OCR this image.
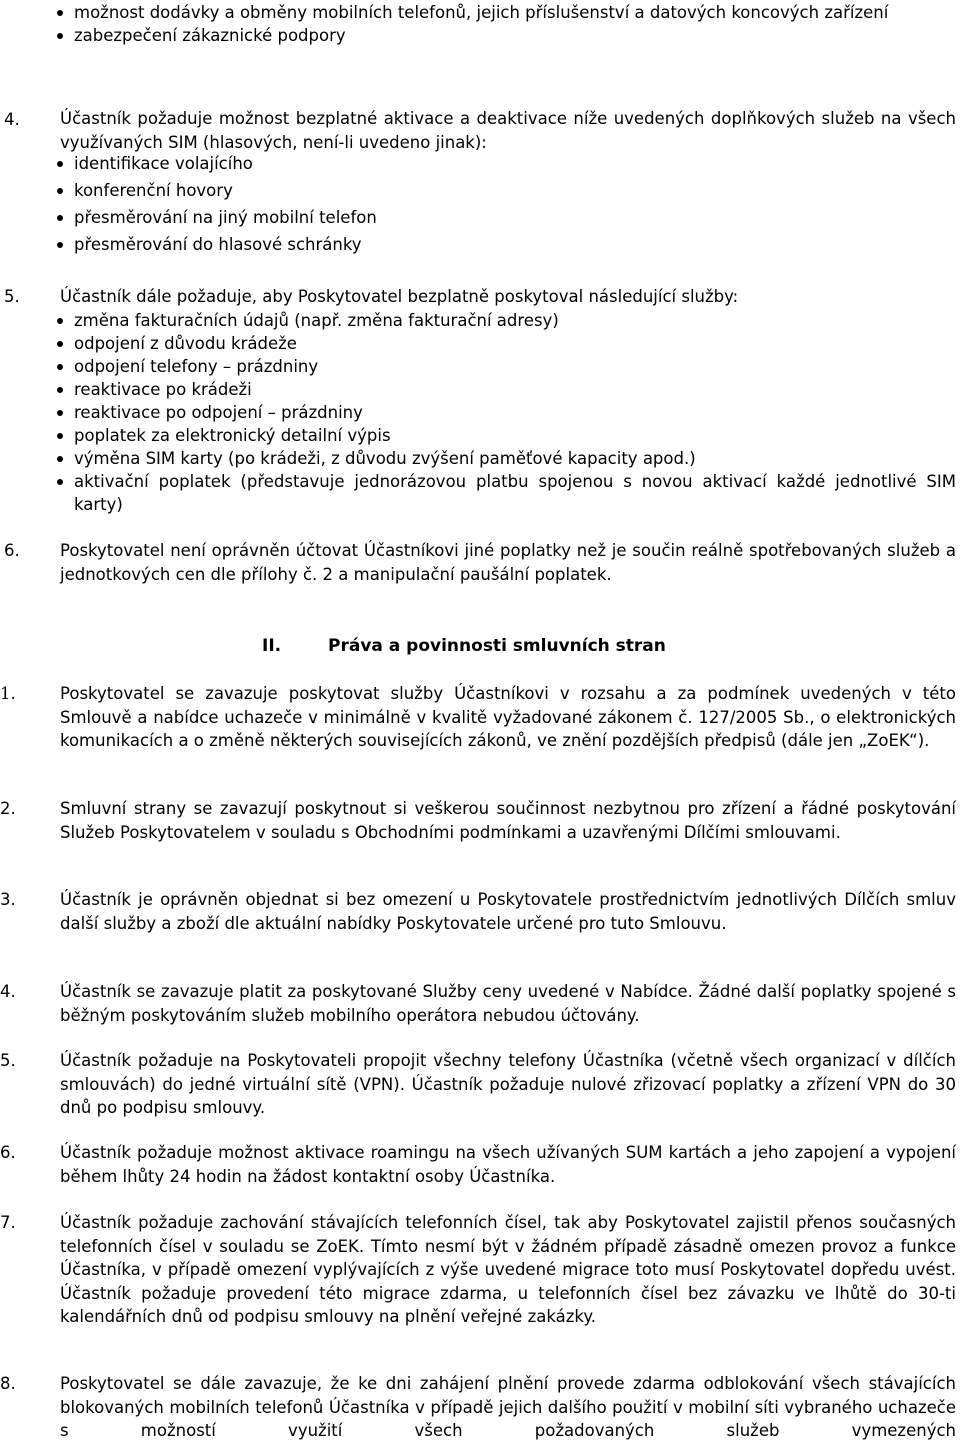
možnost dodávky a obměny mobilních telefonů, jejich příslušenství a datových koncových zařízení
zabezpečení zákaznické podpory
4.	Účastník požaduje možnost bezplatné aktivace a deaktivace níže uvedených doplňkových služeb na všech využívaných SIM (hlasových, není-li uvedeno jinak):
identifikace volajícího
konferenční hovory
přesměrování na jiný mobilní telefon
přesměrování do hlasové schránky
5.	Účastník dále požaduje, aby Poskytovatel bezplatně poskytoval následující služby:
změna fakturačních údajů (např. změna fakturační adresy)
odpojení z důvodu krádeže
odpojení telefony – prázdniny
reaktivace po krádeži
reaktivace po odpojení – prázdniny
poplatek za elektronický detailní výpis
výměna SIM karty (po krádeži, z důvodu zvýšení paměťové kapacity apod.)
aktivační poplatek (představuje jednorázovou platbu spojenou s novou aktivací každé jednotlivé SIM karty)
6.	Poskytovatel není oprávněn účtovat Účastníkovi jiné poplatky než je součin reálně spotřebovaných služeb a jednotkových cen dle přílohy č. 2 a manipulační paušální poplatek.
II.	Práva a povinnosti smluvních stran
1.	Poskytovatel se zavazuje poskytovat služby Účastníkovi v rozsahu a za podmínek uvedených v této Smlouvě a nabídce uchazeče v minimálně v kvalitě vyžadované zákonem č. 127/2005 Sb., o elektronických komunikacích a o změně některých souvisejících zákonů, ve znění pozdějších předpisů (dále jen „ZoEK“).
2.	Smluvní strany se zavazují poskytnout si veškerou součinnost nezbytnou pro zřízení a řádné poskytování Služeb Poskytovatelem v souladu s Obchodními podmínkami a uzavřenými Dílčími smlouvami.
3.	Účastník je oprávněn objednat si bez omezení u Poskytovatele prostřednictvím jednotlivých Dílčích smluv další služby a zboží dle aktuální nabídky Poskytovatele určené pro tuto Smlouvu.
4.	Účastník se zavazuje platit za poskytované Služby ceny uvedené v Nabídce. Žádné další poplatky spojené s běžným poskytováním služeb mobilního operátora nebudou účtovány.
5.	Účastník požaduje na Poskytovateli propojit všechny telefony Účastníka (včetně všech organizací v dílčích smlouvách) do jedné virtuální sítě (VPN). Účastník požaduje nulové zřizovací poplatky a zřízení VPN do 30 dnů po podpisu smlouvy.
6.	Účastník požaduje možnost aktivace roamingu na všech užívaných SUM kartách a jeho zapojení a vypojení během lhůty 24 hodin na žádost kontaktní osoby Účastníka.
7.	Účastník požaduje zachování stávajících telefonních čísel, tak aby Poskytovatel zajistil přenos současných telefonních čísel v souladu se ZoEK. Tímto nesmí být v žádném případě zásadně omezen provoz a funkce Účastníka, v případě omezení vyplývajících z výše uvedené migrace toto musí Poskytovatel dopředu uvést. Účastník požaduje provedení této migrace zdarma, u telefonních čísel bez závazku ve lhůtě do 30-ti kalendářních dnů od podpisu smlouvy na plnění veřejné zakázky.
8.	Poskytovatel se dále zavazuje, že ke dni zahájení plnění provede zdarma odblokování všech stávajících blokovaných mobilních telefonů Účastníka v případě jejich dalšího použití v mobilní síti vybraného uchazeče s možností využití všech požadovaných služeb vymezených
